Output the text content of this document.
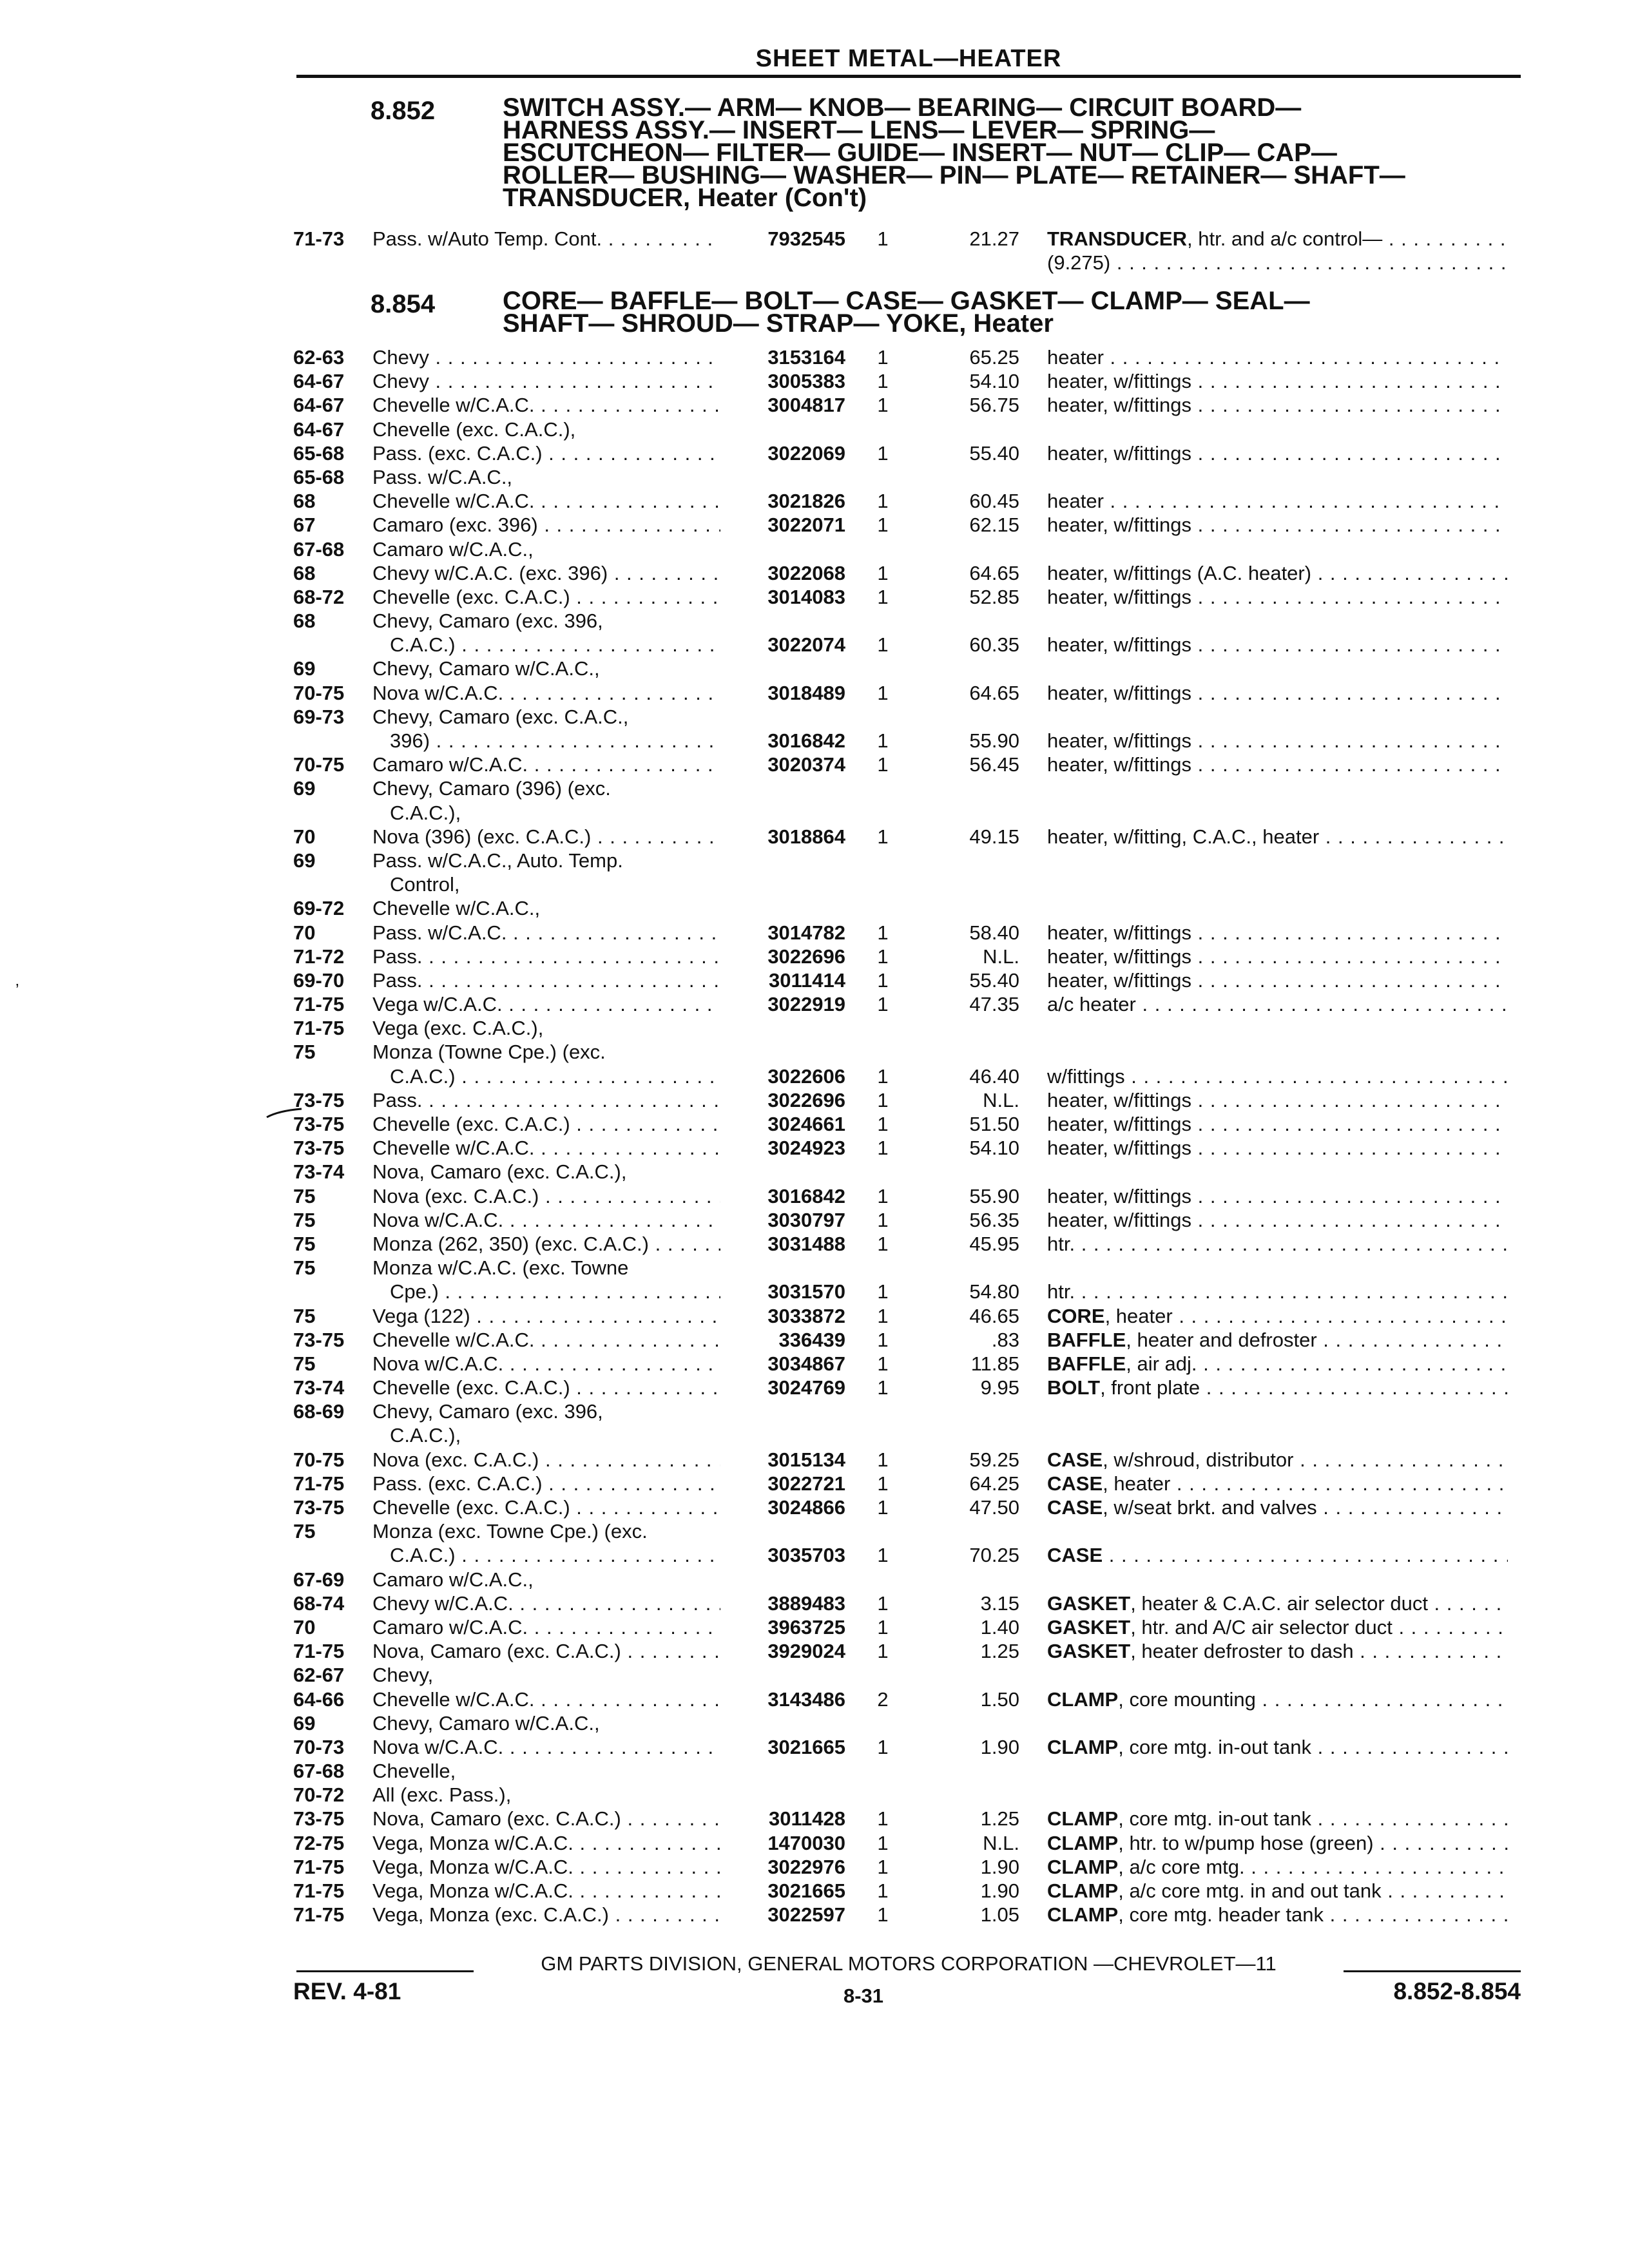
SHEET METAL—HEATER
8.852	SWITCH ASSY.— ARM— KNOB— BEARING— CIRCUIT BOARD—
HARNESS ASSY.— INSERT— LENS— LEVER— SPRING—
ESCUTCHEON— FILTER— GUIDE— INSERT— NUT— CLIP— CAP—
ROLLER— BUSHING— WASHER— PIN— PLATE— RETAINER— SHAFT—
TRANSDUCER, Heater (Con't)
71-73	Pass. w/Auto Temp. Cont. . . .	7932545	1	21.27 TRANSDUCER, htr. and a/c control— . . .
(9.275) . . .
8.854	CORE— BAFFLE— BOLT— CASE— GASKET— CLAMP— SEAL—
SHAFT— SHROUD— STRAP— YOKE, Heater
62-63	Chevy . . .	3153164	1	65.25 heater . . .
64-67	Chevy . . .	3005383	1	54.10 heater, w/fittings . . .
64-67	Chevelle w/C.A.C. . . .	3004817	1	56.75 heater, w/fittings . . .
64-67	Chevelle (exc. C.A.C.),
65-68	Pass. (exc. C.A.C.) . . .	3022069	1	55.40 heater, w/fittings . . .
65-68	Pass. w/C.A.C.,
68	Chevelle w/C.A.C. . . .	3021826	1	60.45 heater . . .
67	Camaro (exc. 396) . . .	3022071	1	62.15 heater, w/fittings . . .
67-68	Camaro w/C.A.C.,
68	Chevy w/C.A.C. (exc. 396) . . .	3022068	1	64.65 heater, w/fittings (A.C. heater) . . .
68-72	Chevelle (exc. C.A.C.) . . .	3014083	1	52.85 heater, w/fittings . . .
68	Chevy, Camaro (exc. 396,
C.A.C.) . . .	3022074	1	60.35 heater, w/fittings . . .
69	Chevy, Camaro w/C.A.C.,
70-75	Nova w/C.A.C. . . .	3018489	1	64.65 heater, w/fittings . . .
69-73	Chevy, Camaro (exc. C.A.C.,
396) . . .	3016842	1	55.90 heater, w/fittings . . .
70-75	Camaro w/C.A.C. . . .	3020374	1	56.45 heater, w/fittings . . .
69	Chevy, Camaro (396) (exc.
C.A.C.),
70	Nova (396) (exc. C.A.C.) . . .	3018864	1	49.15 heater, w/fitting, C.A.C., heater . . .
69	Pass. w/C.A.C., Auto. Temp.
Control,
69-72	Chevelle w/C.A.C.,
70	Pass. w/C.A.C. . . .	3014782	1	58.40 heater, w/fittings . . .
71-72	Pass. . . .	3022696	1	N.L. heater, w/fittings . . .
69-70	Pass. . . .	3011414	1	55.40 heater, w/fittings . . .
71-75	Vega w/C.A.C. . . .	3022919	1	47.35 a/c heater . . .
71-75	Vega (exc. C.A.C.),
75	Monza (Towne Cpe.) (exc.
C.A.C.) . . .	3022606	1	46.40 w/fittings . . .
73-75	Pass. . . .	3022696	1	N.L. heater, w/fittings . . .
73-75	Chevelle (exc. C.A.C.) . . .	3024661	1	51.50 heater, w/fittings . . .
73-75	Chevelle w/C.A.C. . . .	3024923	1	54.10 heater, w/fittings . . .
73-74	Nova, Camaro (exc. C.A.C.),
75	Nova (exc. C.A.C.) . . .	3016842	1	55.90 heater, w/fittings . . .
75	Nova w/C.A.C. . . .	3030797	1	56.35 heater, w/fittings . . .
75	Monza (262, 350) (exc. C.A.C.) . . .	3031488	1	45.95 htr. . . .
75	Monza w/C.A.C. (exc. Towne
Cpe.) . . .	3031570	1	54.80 htr. . . .
75	Vega (122) . . .	3033872	1	46.65 CORE, heater . . .
73-75	Chevelle w/C.A.C. . . .	336439	1	.83 BAFFLE, heater and defroster . . .
75	Nova w/C.A.C. . . .	3034867	1	11.85 BAFFLE, air adj. . . .
73-74	Chevelle (exc. C.A.C.) . . .	3024769	1	9.95 BOLT, front plate . . .
68-69	Chevy, Camaro (exc. 396,
C.A.C.),
70-75	Nova (exc. C.A.C.) . . .	3015134	1	59.25 CASE, w/shroud, distributor . . .
71-75	Pass. (exc. C.A.C.) . . .	3022721	1	64.25 CASE, heater . . .
73-75	Chevelle (exc. C.A.C.) . . .	3024866	1	47.50 CASE, w/seat brkt. and valves . . .
75	Monza (exc. Towne Cpe.) (exc.
C.A.C.) . . .	3035703	1	70.25 CASE . . .
67-69	Camaro w/C.A.C.,
68-74	Chevy w/C.A.C. . . .	3889483	1	3.15 GASKET, heater & C.A.C. air selector duct . . .
70	Camaro w/C.A.C. . . .	3963725	1	1.40 GASKET, htr. and A/C air selector duct . . .
71-75	Nova, Camaro (exc. C.A.C.) . . .	3929024	1	1.25 GASKET, heater defroster to dash . . .
62-67	Chevy,
64-66	Chevelle w/C.A.C. . . .	3143486	2	1.50 CLAMP, core mounting . . .
69	Chevy, Camaro w/C.A.C.,
70-73	Nova w/C.A.C. . . .	3021665	1	1.90 CLAMP, core mtg. in-out tank . . .
67-68	Chevelle,
70-72	All (exc. Pass.),
73-75	Nova, Camaro (exc. C.A.C.) . . .	3011428	1	1.25 CLAMP, core mtg. in-out tank . . .
72-75	Vega, Monza w/C.A.C. . . .	1470030	1	N.L. CLAMP, htr. to w/pump hose (green) . . .
71-75	Vega, Monza w/C.A.C. . . .	3022976	1	1.90 CLAMP, a/c core mtg. . . .
71-75	Vega, Monza w/C.A.C. . . .	3021665	1	1.90 CLAMP, a/c core mtg. in and out tank . . .
71-75	Vega, Monza (exc. C.A.C.) . . .	3022597	1	1.05 CLAMP, core mtg. header tank . . .
ʼ
GM PARTS DIVISION, GENERAL MOTORS CORPORATION —CHEVROLET—11
REV. 4-81	8-31	8.852-8.854
